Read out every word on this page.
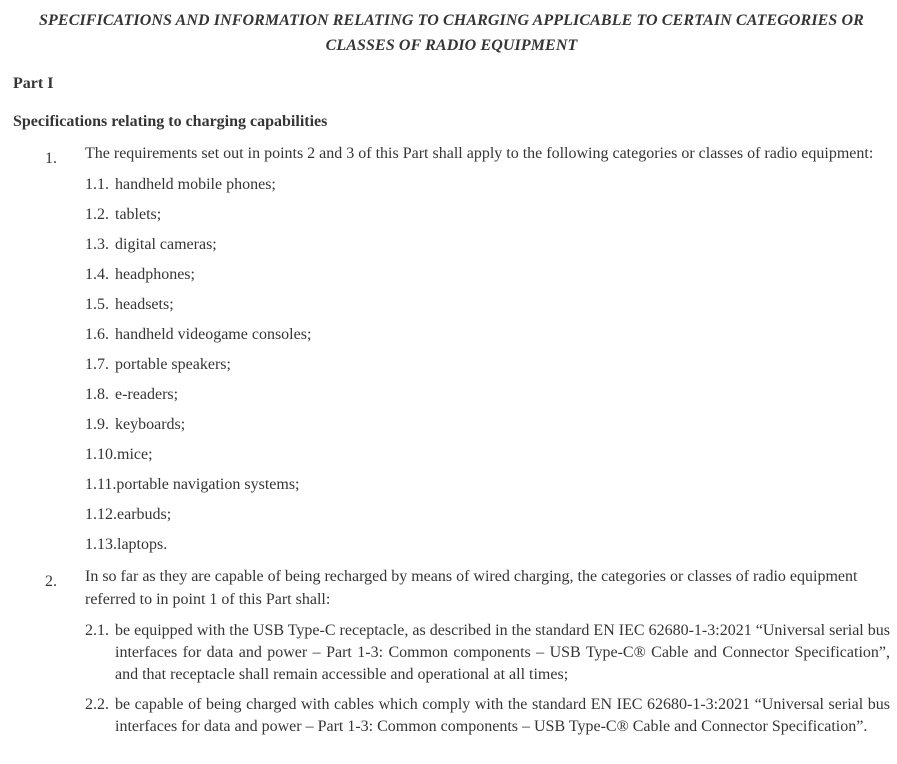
SPECIFICATIONS AND INFORMATION RELATING TO CHARGING APPLICABLE TO CERTAIN CATEGORIES OR CLASSES OF RADIO EQUIPMENT
Part I
Specifications relating to charging capabilities
1. The requirements set out in points 2 and 3 of this Part shall apply to the following categories or classes of radio equipment:
1.1. handheld mobile phones;
1.2. tablets;
1.3. digital cameras;
1.4. headphones;
1.5. headsets;
1.6. handheld videogame consoles;
1.7. portable speakers;
1.8. e-readers;
1.9. keyboards;
1.10.mice;
1.11.portable navigation systems;
1.12.earbuds;
1.13.laptops.
2. In so far as they are capable of being recharged by means of wired charging, the categories or classes of radio equipment referred to in point 1 of this Part shall:
2.1. be equipped with the USB Type-C receptacle, as described in the standard EN IEC 62680-1-3:2021 “Universal serial bus interfaces for data and power – Part 1-3: Common components – USB Type-C® Cable and Connector Specification”, and that receptacle shall remain accessible and operational at all times;
2.2. be capable of being charged with cables which comply with the standard EN IEC 62680-1-3:2021 “Universal serial bus interfaces for data and power – Part 1-3: Common components – USB Type-C® Cable and Connector Specification”.
